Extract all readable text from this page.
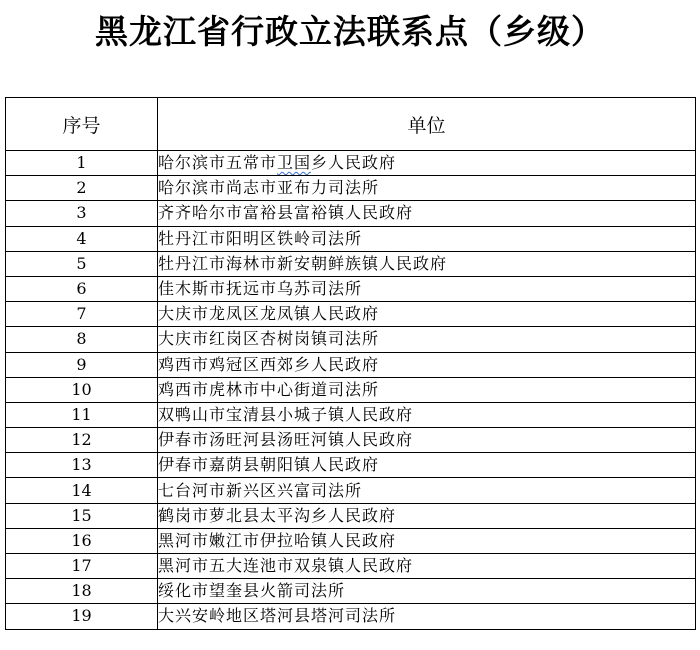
黑龙江省行政立法联系点（乡级）
序号	单位
1	哈尔滨市五常市卫国乡人民政府
2	哈尔滨市尚志市亚布力司法所
3	齐齐哈尔市富裕县富裕镇人民政府
4	牡丹江市阳明区铁岭司法所
5	牡丹江市海林市新安朝鲜族镇人民政府
6	佳木斯市抚远市乌苏司法所
7	大庆市龙凤区龙凤镇人民政府
8	大庆市红岗区杏树岗镇司法所
9	鸡西市鸡冠区西郊乡人民政府
10	鸡西市虎林市中心街道司法所
11	双鸭山市宝清县小城子镇人民政府
12	伊春市汤旺河县汤旺河镇人民政府
13	伊春市嘉荫县朝阳镇人民政府
14	七台河市新兴区兴富司法所
15	鹤岗市萝北县太平沟乡人民政府
16	黑河市嫩江市伊拉哈镇人民政府
17	黑河市五大连池市双泉镇人民政府
18	绥化市望奎县火箭司法所
19	大兴安岭地区塔河县塔河司法所
